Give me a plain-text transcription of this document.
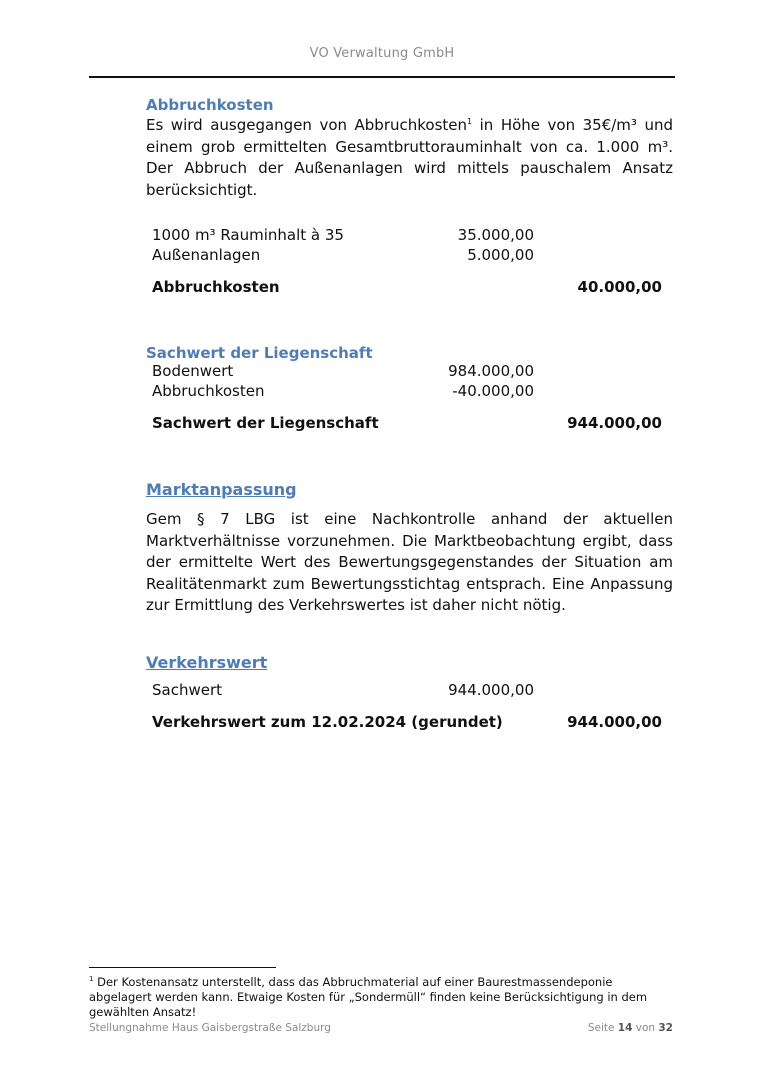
VO Verwaltung GmbH
Abbruchkosten

Es wird ausgegangen von Abbruchkosten$^1$ in Höhe von 35€/m³ und einem grob ermittelten Gesamtbruttorauminhalt von ca. 1.000 m³. Der Abbruch der Außenanlagen wird mittels pauschalem Ansatz berücksichtigt.

1000 m³ Rauminhalt à 35	35.000,00
Außenanlagen	5.000,00
Abbruchkosten	40.000,00
Sachwert der Liegenschaft
Bodenwert	984.000,00
Abbruchkosten	-40.000,00
Sachwert der Liegenschaft	944.000,00
Marktanpassung

Gem § 7 LBG ist eine Nachkontrolle anhand der aktuellen Marktverhältnisse vorzunehmen. Die Marktbeobachtung ergibt, dass der ermittelte Wert des Bewertungsgegenstandes der Situation am Realitätenmarkt zum Bewertungsstichtag entsprach. Eine Anpassung zur Ermittlung des Verkehrswertes ist daher nicht nötig.

Verkehrswert
Sachwert	944.000,00
Verkehrswert zum 12.02.2024 (gerundet)	944.000,00
$^1$ Der Kostenansatz unterstellt, dass das Abbruchmaterial auf einer Baurestmassendeponie abgelagert werden kann. Etwaige Kosten für „Sondermüll“ finden keine Berücksichtigung in dem gewählten Ansatz!
Stellungnahme Haus Gaisbergstraße Salzburg	Seite 14 von 32
